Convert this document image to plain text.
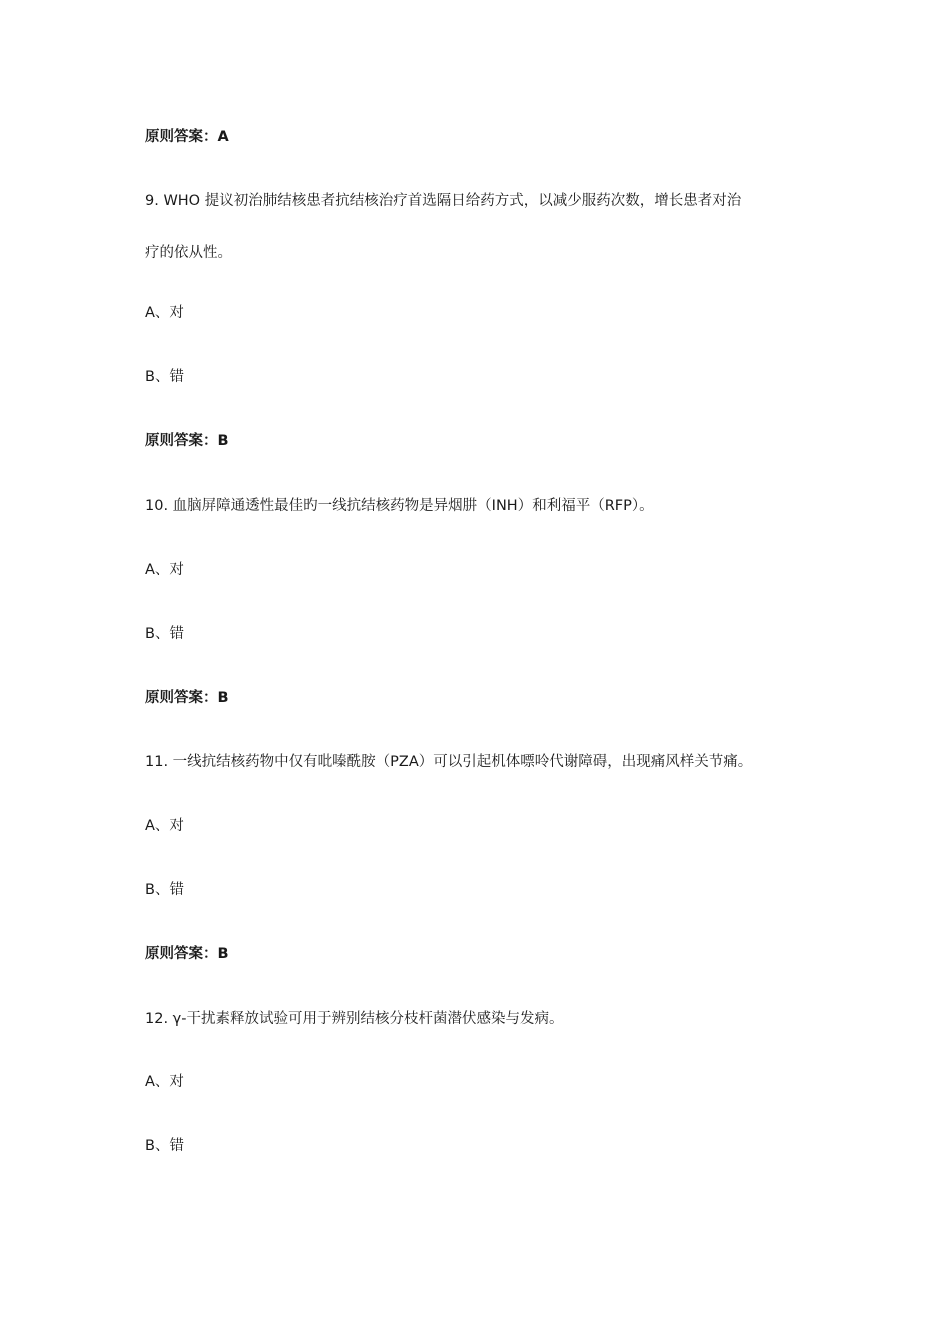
原则答案：A
9. WHO 提议初治肺结核患者抗结核治疗首选隔日给药方式，以减少服药次数，增长患者对治
疗的依从性。
A、对
B、错
原则答案：B
10. 血脑屏障通透性最佳旳一线抗结核药物是异烟肼（INH）和利福平（RFP）。
A、对
B、错
原则答案：B
11. 一线抗结核药物中仅有吡嗪酰胺（PZA）可以引起机体嘌呤代谢障碍，出现痛风样关节痛。
A、对
B、错
原则答案：B
12. γ-干扰素释放试验可用于辨别结核分枝杆菌潜伏感染与发病。
A、对
B、错
